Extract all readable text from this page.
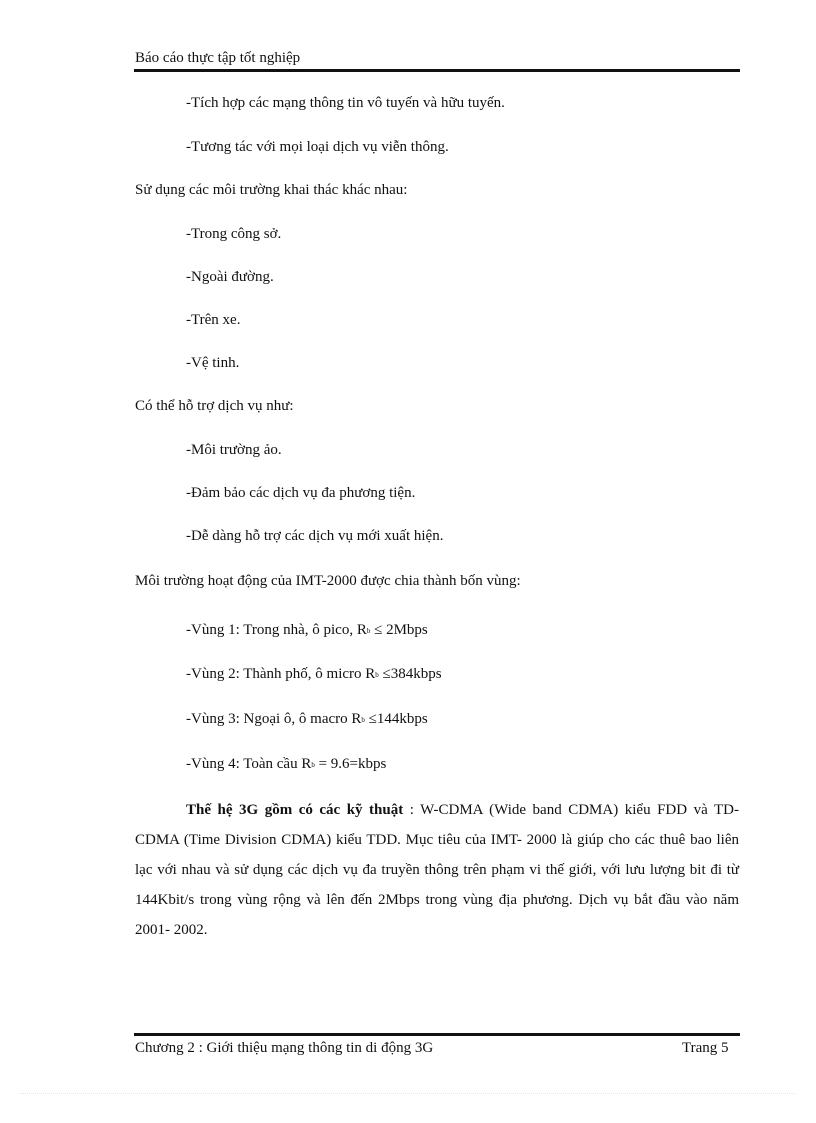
Báo cáo thực tập tốt nghiệp
-Tích hợp các mạng thông tin vô tuyến và hữu tuyến.
-Tương tác với mọi loại dịch vụ viễn thông.
Sử dụng các môi trường khai thác khác nhau:
-Trong công sở.
-Ngoài đường.
-Trên xe.
-Vệ tinh.
Có thể hỗ trợ dịch vụ như:
-Môi trường ảo.
-Đảm bảo các dịch vụ đa phương tiện.
-Dễ dàng hỗ trợ các dịch vụ mới xuất hiện.
Môi trường hoạt động của IMT-2000 được chia thành bốn vùng:
-Vùng 1: Trong nhà, ô pico, Rb ≤ 2Mbps
-Vùng 2: Thành phố, ô micro Rb ≤384kbps
-Vùng 3: Ngoại ô, ô macro Rb ≤144kbps
-Vùng 4: Toàn cầu Rb = 9.6=kbps
Thế hệ 3G gồm có các kỹ thuật : W-CDMA (Wide band CDMA) kiểu FDD và TD-CDMA (Time Division CDMA) kiểu TDD. Mục tiêu của IMT- 2000 là giúp cho các thuê bao liên lạc với nhau và sử dụng các dịch vụ đa truyền thông trên phạm vi thế giới, với lưu lượng bit đi từ 144Kbit/s trong vùng rộng và lên đến 2Mbps trong vùng địa phương. Dịch vụ bắt đầu vào năm 2001- 2002.
Chương 2 : Giới thiệu mạng thông tin di động 3G	Trang 5
